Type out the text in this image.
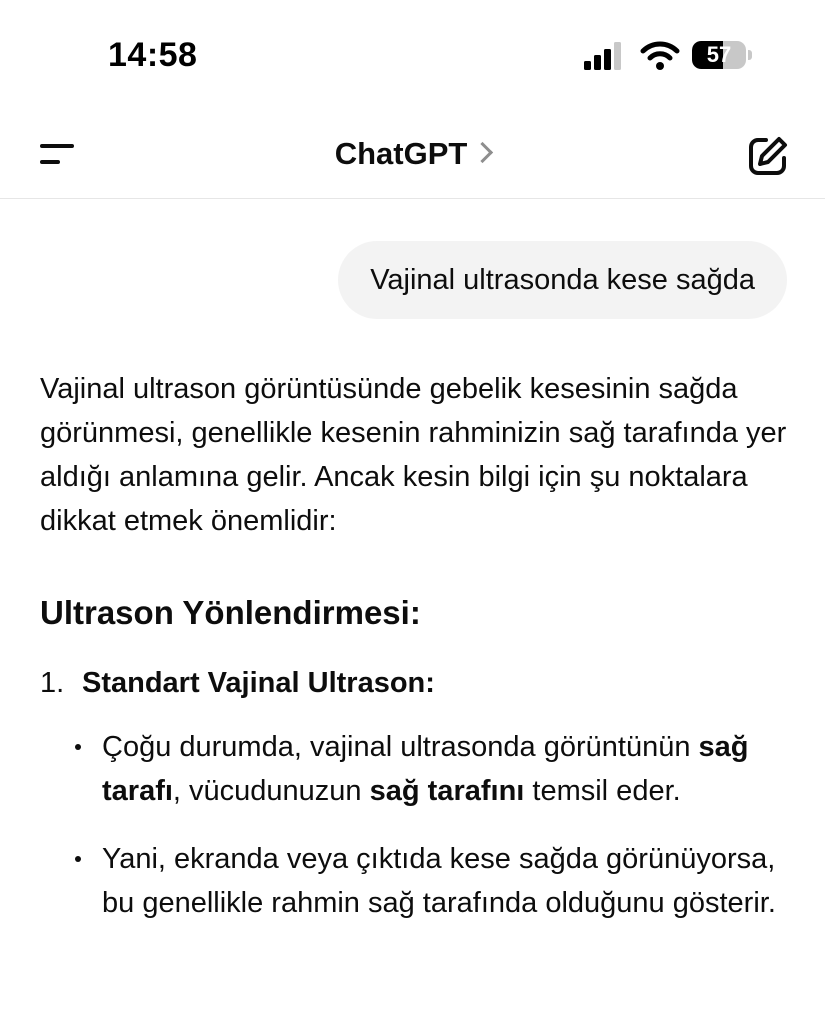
14:58	57
ChatGPT
Vajinal ultrasonda kese sağda

Vajinal ultrason görüntüsünde gebelik kesesinin sağda görünmesi, genellikle kesenin rahminizin sağ tarafında yer aldığı anlamına gelir. Ancak kesin bilgi için şu noktalara dikkat etmek önemlidir:

Ultrason Yönlendirmesi:
1. Standart Vajinal Ultrason:
Çoğu durumda, vajinal ultrasonda görüntünün sağ tarafı, vücudunuzun sağ tarafını temsil eder.
Yani, ekranda veya çıktıda kese sağda görünüyorsa, bu genellikle rahmin sağ tarafında olduğunu gösterir.
